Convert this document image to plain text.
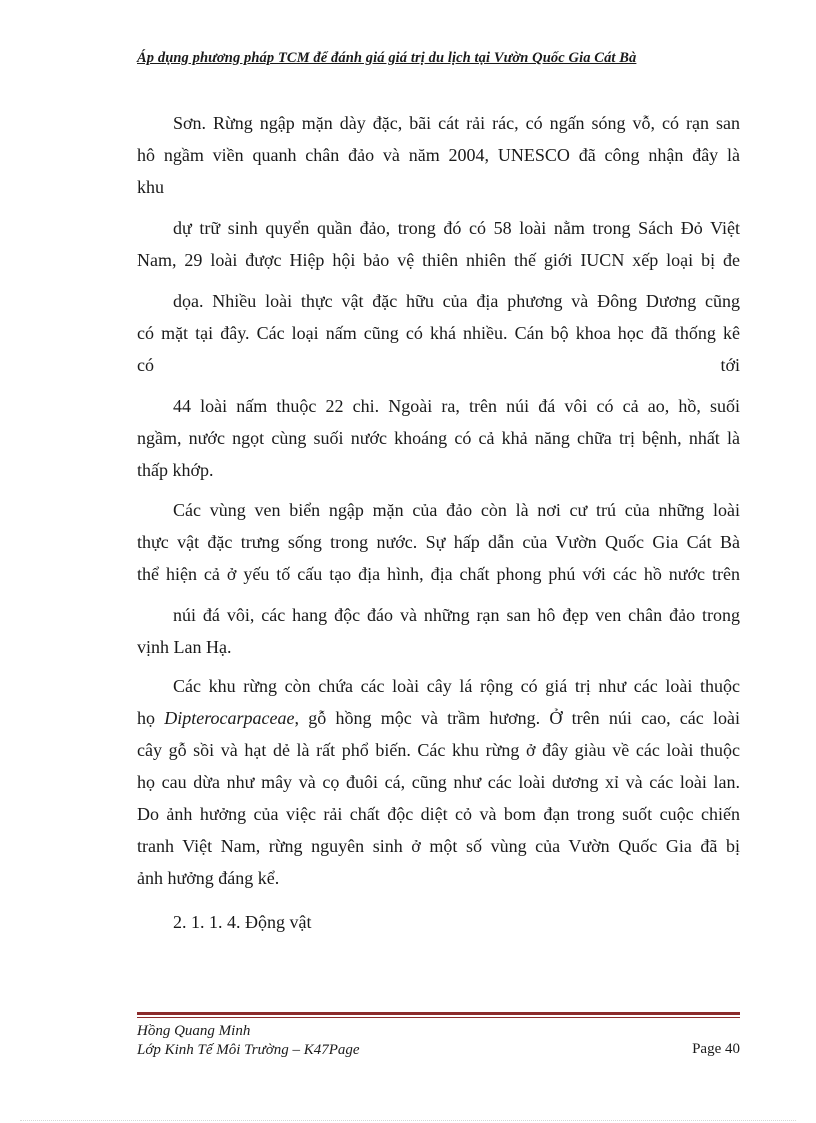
Áp dụng phương pháp TCM để đánh giá giá trị du lịch tại Vườn Quốc Gia Cát Bà
Sơn. Rừng ngập mặn dày đặc, bãi cát rải rác, có ngấn sóng vỗ, có rạn san
hô ngầm viền quanh chân đảo và năm 2004, UNESCO đã công nhận đây là
khu
dự trữ sinh quyển quần đảo, trong đó có 58 loài nằm trong Sách Đỏ Việt
Nam, 29 loài được Hiệp hội bảo vệ thiên nhiên thế giới IUCN xếp loại bị đe
dọa. Nhiều loài thực vật đặc hữu của địa phương và Đông Dương cũng
có mặt tại đây. Các loại nấm cũng có khá nhiều. Cán bộ khoa học đã thống kê
có	tới
44 loài nấm thuộc 22 chi. Ngoài ra, trên núi đá vôi có cả ao, hồ, suối
ngầm, nước ngọt cùng suối nước khoáng có cả khả năng chữa trị bệnh, nhất là
thấp khớp.
Các vùng ven biển ngập mặn của đảo còn là nơi cư trú của những loài
thực vật đặc trưng sống trong nước. Sự hấp dẫn của Vườn Quốc Gia Cát Bà
thể hiện cả ở yếu tố cấu tạo địa hình, địa chất phong phú với các hồ nước trên
núi đá vôi, các hang độc đáo và những rạn san hô đẹp ven chân đảo trong
vịnh Lan Hạ.
Các khu rừng còn chứa các loài cây lá rộng có giá trị như các loài thuộc
họ Dipterocarpaceae, gỗ hồng mộc và trầm hương. Ở trên núi cao, các loài
cây gỗ sồi và hạt dẻ là rất phổ biến. Các khu rừng ở đây giàu về các loài thuộc
họ cau dừa như mây và cọ đuôi cá, cũng như các loài dương xỉ và các loài lan.
Do ảnh hưởng của việc rải chất độc diệt cỏ và bom đạn trong suốt cuộc chiến
tranh Việt Nam, rừng nguyên sinh ở một số vùng của Vườn Quốc Gia đã bị
ảnh hưởng đáng kể.
2. 1. 1. 4. Động vật
Hồng Quang Minh
Lớp Kinh Tế Môi Trường – K47Page	Page 40
